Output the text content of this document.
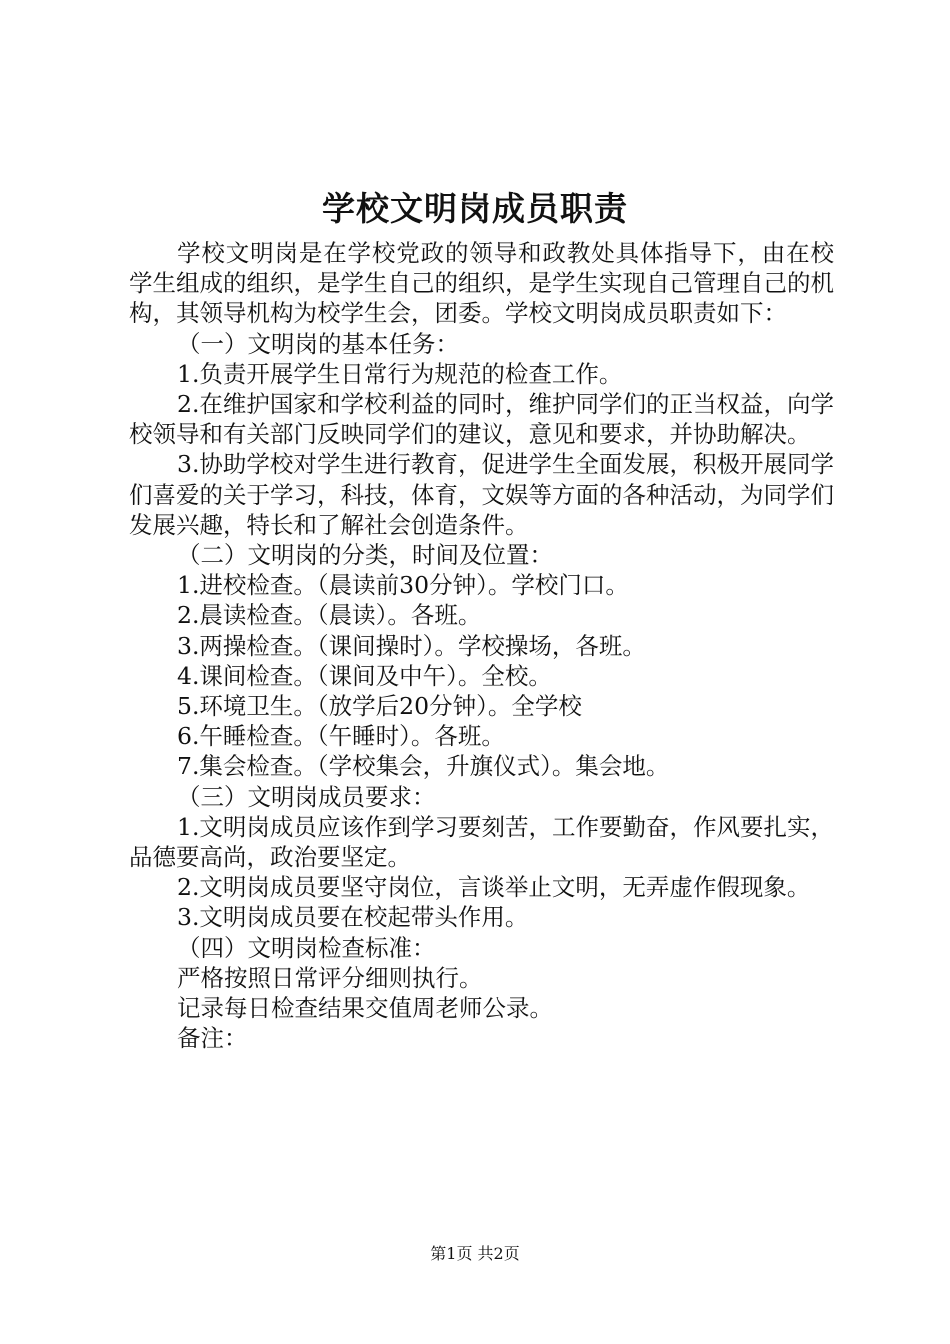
学校文明岗成员职责

学校文明岗是在学校党政的领导和政教处具体指导下，由在校学生组成的组织，是学生自己的组织，是学生实现自己管理自己的机构，其领导机构为校学生会，团委。学校文明岗成员职责如下：

（一）文明岗的基本任务：

1.负责开展学生日常行为规范的检查工作。

2.在维护国家和学校利益的同时，维护同学们的正当权益，向学校领导和有关部门反映同学们的建议，意见和要求，并协助解决。

3.协助学校对学生进行教育，促进学生全面发展，积极开展同学们喜爱的关于学习，科技，体育，文娱等方面的各种活动，为同学们发展兴趣，特长和了解社会创造条件。

（二）文明岗的分类，时间及位置：

1.进校检查。（晨读前30分钟）。学校门口。

2.晨读检查。（晨读）。各班。

3.两操检查。（课间操时）。学校操场，各班。

4.课间检查。（课间及中午）。全校。

5.环境卫生。（放学后20分钟）。全学校

6.午睡检查。（午睡时）。各班。

7.集会检查。（学校集会，升旗仪式）。集会地。

（三）文明岗成员要求：

1.文明岗成员应该作到学习要刻苦，工作要勤奋，作风要扎实，品德要高尚，政治要坚定。

2.文明岗成员要坚守岗位，言谈举止文明，无弄虚作假现象。

3.文明岗成员要在校起带头作用。

（四）文明岗检查标准：

严格按照日常评分细则执行。

记录每日检查结果交值周老师公录。

备注：

第1页 共2页
